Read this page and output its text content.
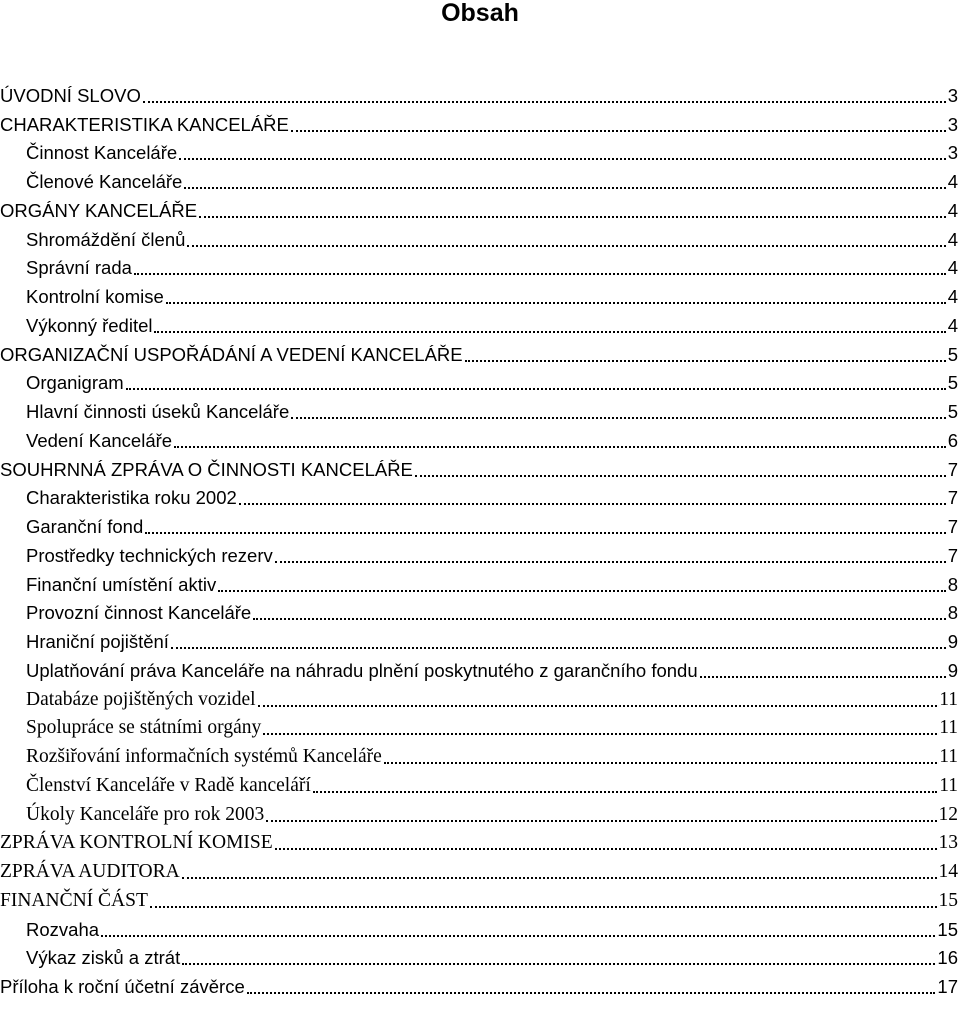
Obsah
ÚVODNÍ SLOVO	3
CHARAKTERISTIKA KANCELÁŘE	3
Činnost Kanceláře	3
Členové Kanceláře	4
ORGÁNY KANCELÁŘE	4
Shromáždění členů	4
Správní rada	4
Kontrolní komise	4
Výkonný ředitel	4
ORGANIZAČNÍ USPOŘÁDÁNÍ A VEDENÍ KANCELÁŘE	5
Organigram	5
Hlavní činnosti úseků Kanceláře	5
Vedení Kanceláře	6
SOUHRNNÁ ZPRÁVA O ČINNOSTI KANCELÁŘE	7
Charakteristika roku 2002	7
Garanční fond	7
Prostředky technických rezerv	7
Finanční umístění aktiv	8
Provozní činnost Kanceláře	8
Hraniční pojištění	9
Uplatňování práva Kanceláře na náhradu plnění poskytnutého z garančního fondu	9
Databáze pojištěných vozidel	11
Spolupráce se státními orgány	11
Rozšiřování informačních systémů Kanceláře	11
Členství Kanceláře v Radě kanceláří	11
Úkoly Kanceláře pro rok 2003	12
ZPRÁVA KONTROLNÍ KOMISE	13
ZPRÁVA AUDITORA	14
FINANČNÍ ČÁST	15
Rozvaha	15
Výkaz zisků a ztrát	16
Příloha k roční účetní závěrce	17
